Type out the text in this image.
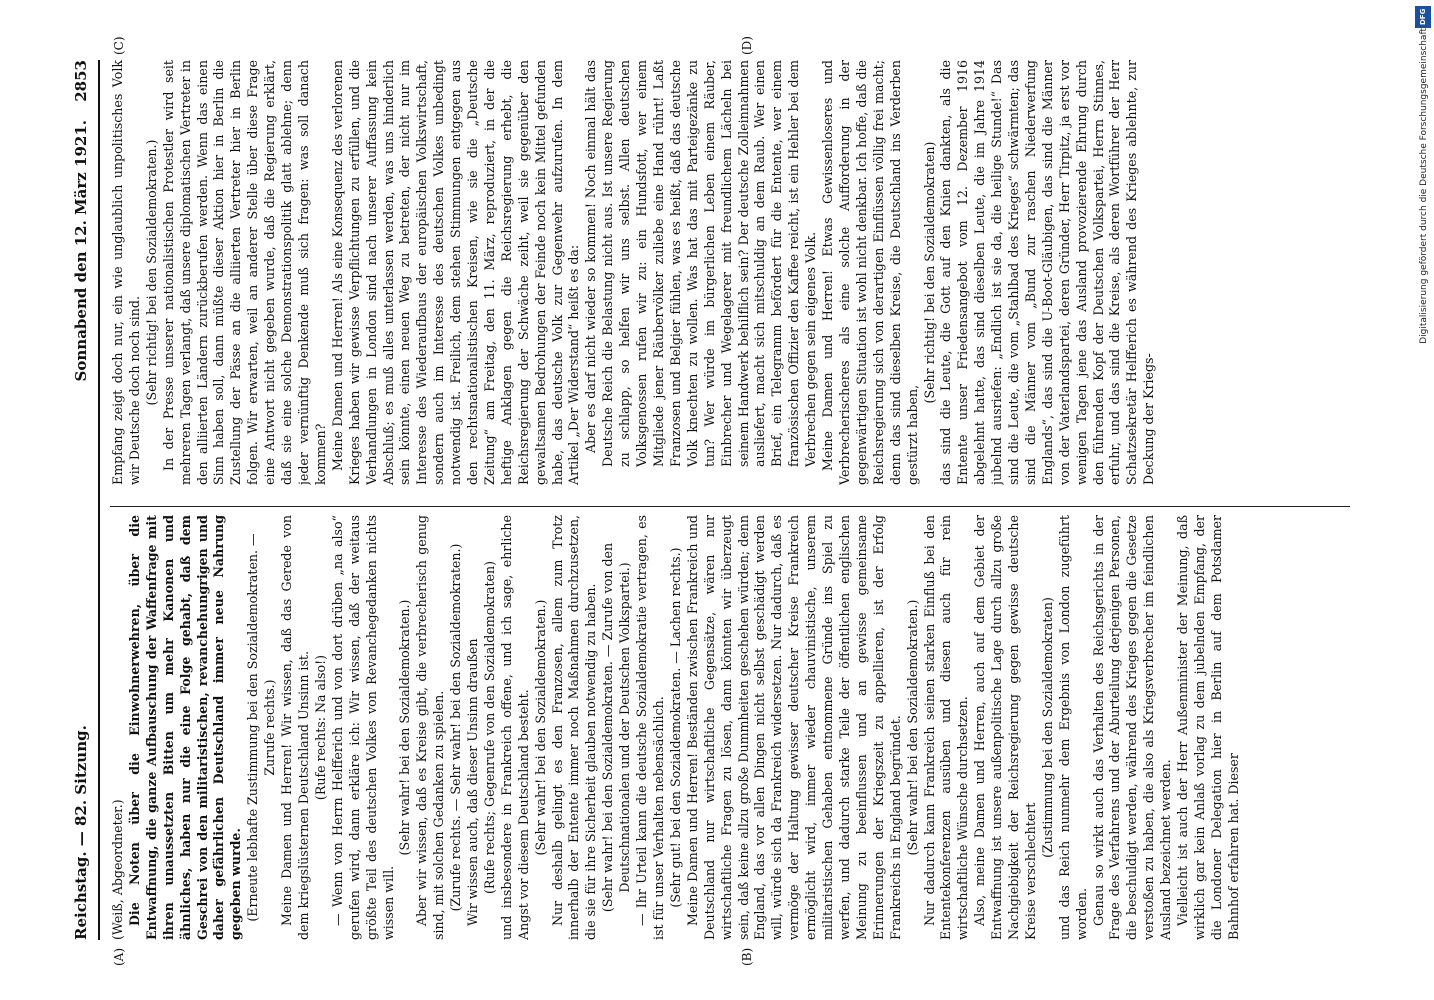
Reichstag. — 82. Sitzung.
Sonnabend den 12. März 1921.
2853
(A)	(B)
(C)	(D)

(Weiß, Abgeordneter.) Die Noten über die Einwohnerwehren, über die Entwaffnung, die ganze Aufbauschung der Waffenfrage mit ihren unaussetzten Bitten um mehr Kanonen und ähnliches, haben nur die eine Folge gehabt, daß dem Geschrei von den militaristischen, revanchehungrigen und daher gefährlichen Deutschland immer neue Nahrung gegeben wurde. (Erneute lebhafte Zustimmung bei den Sozialdemokraten. — Zurufe rechts.) Meine Damen und Herren! Wir wissen, daß das Gerede von dem kriegslüsternen Deutschland Unsinn ist. (Rufe rechts: Na also!) — Wenn von Herrn Helfferich und von dort drüben „na also“ gerufen wird, dann erkläre ich: Wir wissen, daß der weitaus größte Teil des deutschen Volkes von Revanchegedanken nichts wissen will.

(Sehr wahr! bei den Sozialdemokraten.) Aber wir wissen, daß es Kreise gibt, die verbrecherisch genug sind, mit solchen Gedanken zu spielen. (Zurufe rechts. — Sehr wahr! bei den Sozialdemokraten.) Wir wissen auch, daß dieser Unsinn draußen (Rufe rechts; Gegenrufe von den Sozialdemokraten) und insbesondere in Frankreich offene, und ich sage, ehrliche Angst vor diesem Deutschland besteht. (Sehr wahr! bei den Sozialdemokraten.) Nur deshalb gelingt es den Franzosen, allem zum Trotz innerhalb der Entente immer noch Maßnahmen durchzusetzen, die sie für ihre Sicherheit glauben notwendig zu haben. (Sehr wahr! bei den Sozialdemokraten. — Zurufe von den Deutschnationalen und der Deutschen Volkspartei.) — Ihr Urteil kann die deutsche Sozialdemokratie vertragen, es ist für unser Verhalten nebensächlich. (Sehr gut! bei den Sozialdemokraten. — Lachen rechts.) Meine Damen und Herren! Beständen zwischen Frankreich und Deutschland nur wirtschaftliche Gegensätze, wären nur wirtschaftliche Fragen zu lösen, dann könnten wir überzeugt sein, daß keine allzu große Dummheiten geschehen würden; denn England, das vor allen Dingen nicht selbst geschädigt werden will, würde sich da Frankreich widersetzen. Nur dadurch, daß es vermöge der Haltung gewisser deutscher Kreise Frankreich ermöglicht wird, immer wieder chauvinistische, unserem militaristischen Gehaben entnommene Gründe ins Spiel zu werfen, und dadurch starke Teile der öffentlichen englischen Meinung zu beeinflussen und an gewisse gemeinsame Erinnerungen der Kriegszeit zu appellieren, ist der Erfolg Frankreichs in England begründet. (Sehr wahr! bei den Sozialdemokraten.) Nur dadurch kann Frankreich seinen starken Einfluß bei den Ententekonferenzen ausüben und diesen auch für rein wirtschaftliche Wünsche durchsetzen. Also, meine Damen und Herren, auch auf dem Gebiet der Entwaffnung ist unsere außenpolitische Lage durch allzu große Nachgiebigkeit der Reichsregierung gegen gewisse deutsche Kreise verschlechtert

(Zustimmung bei den Sozialdemokraten) und das Reich nunmehr dem Ergebnis von London zugeführt worden. Genau so wirkt auch das Verhalten des Reichsgerichts in der Frage des Verfahrens und der Aburteilung derjenigen Personen, die beschuldigt werden, während des Krieges gegen die Gesetze verstoßen zu haben, die also als Kriegsverbrecher im feindlichen Ausland bezeichnet werden. Vielleicht ist auch der Herr Außenminister der Meinung, daß wirklich gar kein Anlaß vorlag zu dem jubelnden Empfang, der die Londoner Delegation hier in Berlin auf dem Potsdamer Bahnhof erfahren hat. Dieser

Empfang zeigt doch nur, ein wie unglaublich unpolitisches Volk wir Deutsche doch noch sind. (Sehr richtig! bei den Sozialdemokraten.) In der Presse unserer nationalistischen Protestler wird seit mehreren Tagen verlangt, daß unsere diplomatischen Vertreter in den alliierten Ländern zurückberufen werden. Wenn das einen Sinn haben soll, dann müßte dieser Aktion hier in Berlin die Zustellung der Pässe an die alliierten Vertreter hier in Berlin folgen. Wir erwarten, weil an anderer Stelle über diese Frage eine Antwort nicht gegeben wurde, daß die Regierung erklärt, daß sie eine solche Demonstrationspolitik glatt ablehne; denn jeder vernünftig Denkende muß sich fragen: was soll danach kommen? Meine Damen und Herren! Als eine Konsequenz des verlorenen Krieges haben wir gewisse Verpflichtungen zu erfüllen, und die Verhandlungen in London sind nach unserer Auffassung kein Abschluß; es muß alles unterlassen werden, was uns hinderlich sein könnte, einen neuen Weg zu betreten, der nicht nur im Interesse des Wiederaufbaus der europäischen Volkswirtschaft, sondern auch im Interesse des deutschen Volkes unbedingt notwendig ist. Freilich, dem stehen Stimmungen entgegen aus den rechtsnationalistischen Kreisen, wie sie die „Deutsche Zeitung“ am Freitag, den 11. März, reproduziert, in der die heftige Anklagen gegen die Reichsregierung erhebt, die Reichsregierung der Schwäche zeiht, weil sie gegenüber den gewaltsamen Bedrohungen der Feinde noch kein Mittel gefunden habe, das deutsche Volk zur Gegenwehr aufzurufen. In dem Artikel „Der Widerstand“ heißt es da: Aber es darf nicht wieder so kommen! Noch einmal hält das Deutsche Reich die Belastung nicht aus. Ist unsere Regierung zu schlapp, so helfen wir uns selbst. Allen deutschen Volksgenossen rufen wir zu: ein Hundsfott, wer einem Mitgliede jener Räubervölker zuliebe eine Hand rührt! Laßt Franzosen und Belgier fühlen, was es heißt, daß das deutsche Volk knechten zu wollen. Was hat das mit Parteigezänke zu tun? Wer würde im bürgerlichen Leben einem Räuber, Einbrecher und Wegelagerer mit freundlichem Lächeln bei seinem Handwerk behilflich sein? Der deutsche Zolleinnahmen ausliefert, macht sich mitschuldig an dem Raub. Wer einen Brief, ein Telegramm befördert für die Entente, wer einem französischen Offizier den Kaffee reicht, ist ein Hehler bei dem Verbrechen gegen sein eigenes Volk. Meine Damen und Herren! Etwas Gewissenloseres und Verbrecherischeres als eine solche Aufforderung in der gegenwärtigen Situation ist wohl nicht denkbar. Ich hoffe, daß die Reichsregierung sich von derartigen Einflüssen völlig frei macht; denn das sind dieselben Kreise, die Deutschland ins Verderben gestürzt haben,

(Sehr richtig! bei den Sozialdemokraten) das sind die Leute, die Gott auf den Knien dankten, als die Entente unser Friedensangebot vom 12. Dezember 1916 abgelehnt hatte, das sind dieselben Leute, die im Jahre 1914 jubelnd ausriefen: „Endlich ist sie da, die heilige Stunde!“ Das sind die Leute, die vom „Stahlbad des Krieges“ schwärmten; das sind die Männer vom „Bund zur raschen Niederwerfung Englands“, das sind die U-Boot-Gläubigen, das sind die Männer von der Vaterlandspartei, deren Gründer, Herr Tirpitz, ja erst vor wenigen Tagen jene das Ausland provozierende Ehrung durch den führenden Kopf der Deutschen Volkspartei, Herrn Stinnes, erfuhr, und das sind die Kreise, als deren Wortführer der Herr Schatzsekretär Helfferich es während des Krieges ablehnte, zur Deckung der Kriegs-

Digitalisierung gefördert durch die Deutsche Forschungsgemeinschaft
DFG
